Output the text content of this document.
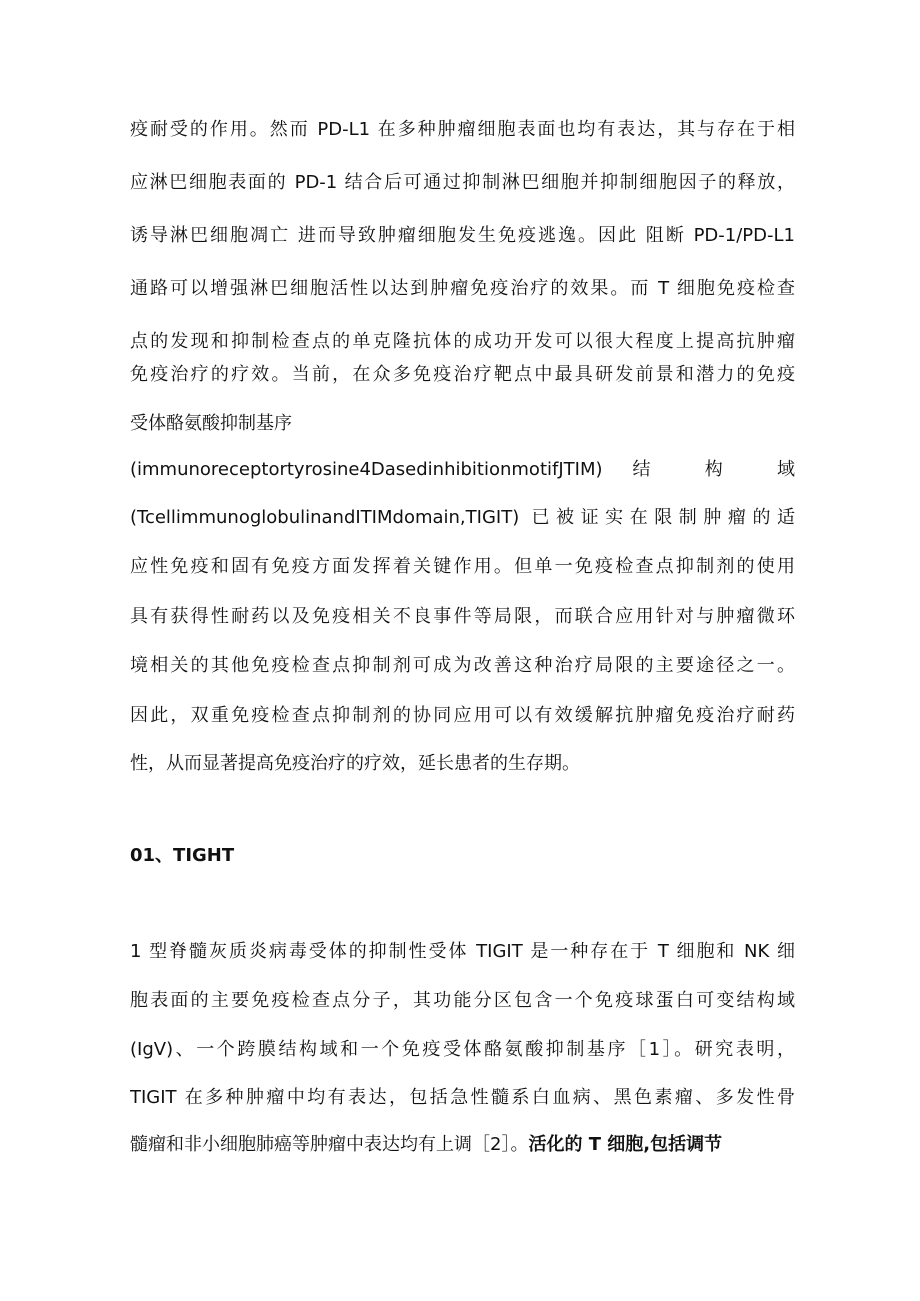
疫耐受的作用。然而 PD-L1 在多种肿瘤细胞表面也均有表达，其与存在于相
应淋巴细胞表面的 PD-1 结合后可通过抑制淋巴细胞并抑制细胞因子的释放，
诱导淋巴细胞凋亡 进而导致肿瘤细胞发生免疫逃逸。因此 阻断 PD-1/PD-L1
通路可以增强淋巴细胞活性以达到肿瘤免疫治疗的效果。而 T 细胞免疫检查
点的发现和抑制检查点的单克隆抗体的成功开发可以很大程度上提高抗肿瘤
免疫治疗的疗效。当前，在众多免疫治疗靶点中最具研发前景和潜力的免疫
受体酪氨酸抑制基序
(immunoreceptortyrosine4DasedinhibitionmotifJTIM) 结 构 域
(TcellimmunoglobulinandITIMdomain,TIGIT) 已被证实在限制肿瘤的适
应性免疫和固有免疫方面发挥着关键作用。但单一免疫检查点抑制剂的使用
具有获得性耐药以及免疫相关不良事件等局限，而联合应用针对与肿瘤微环
境相关的其他免疫检查点抑制剂可成为改善这种治疗局限的主要途径之一。
因此，双重免疫检查点抑制剂的协同应用可以有效缓解抗肿瘤免疫治疗耐药
性，从而显著提高免疫治疗的疗效，延长患者的生存期。
01、TIGHT
1 型脊髓灰质炎病毒受体的抑制性受体 TIGIT 是一种存在于 T 细胞和 NK 细
胞表面的主要免疫检查点分子，其功能分区包含一个免疫球蛋白可变结构域
(IgV)、一个跨膜结构域和一个免疫受体酪氨酸抑制基序［1］。研究表明，
TIGIT 在多种肿瘤中均有表达，包括急性髓系白血病、黑色素瘤、多发性骨
髓瘤和非小细胞肺癌等肿瘤中表达均有上调［2］。活化的 T 细胞,包括调节
